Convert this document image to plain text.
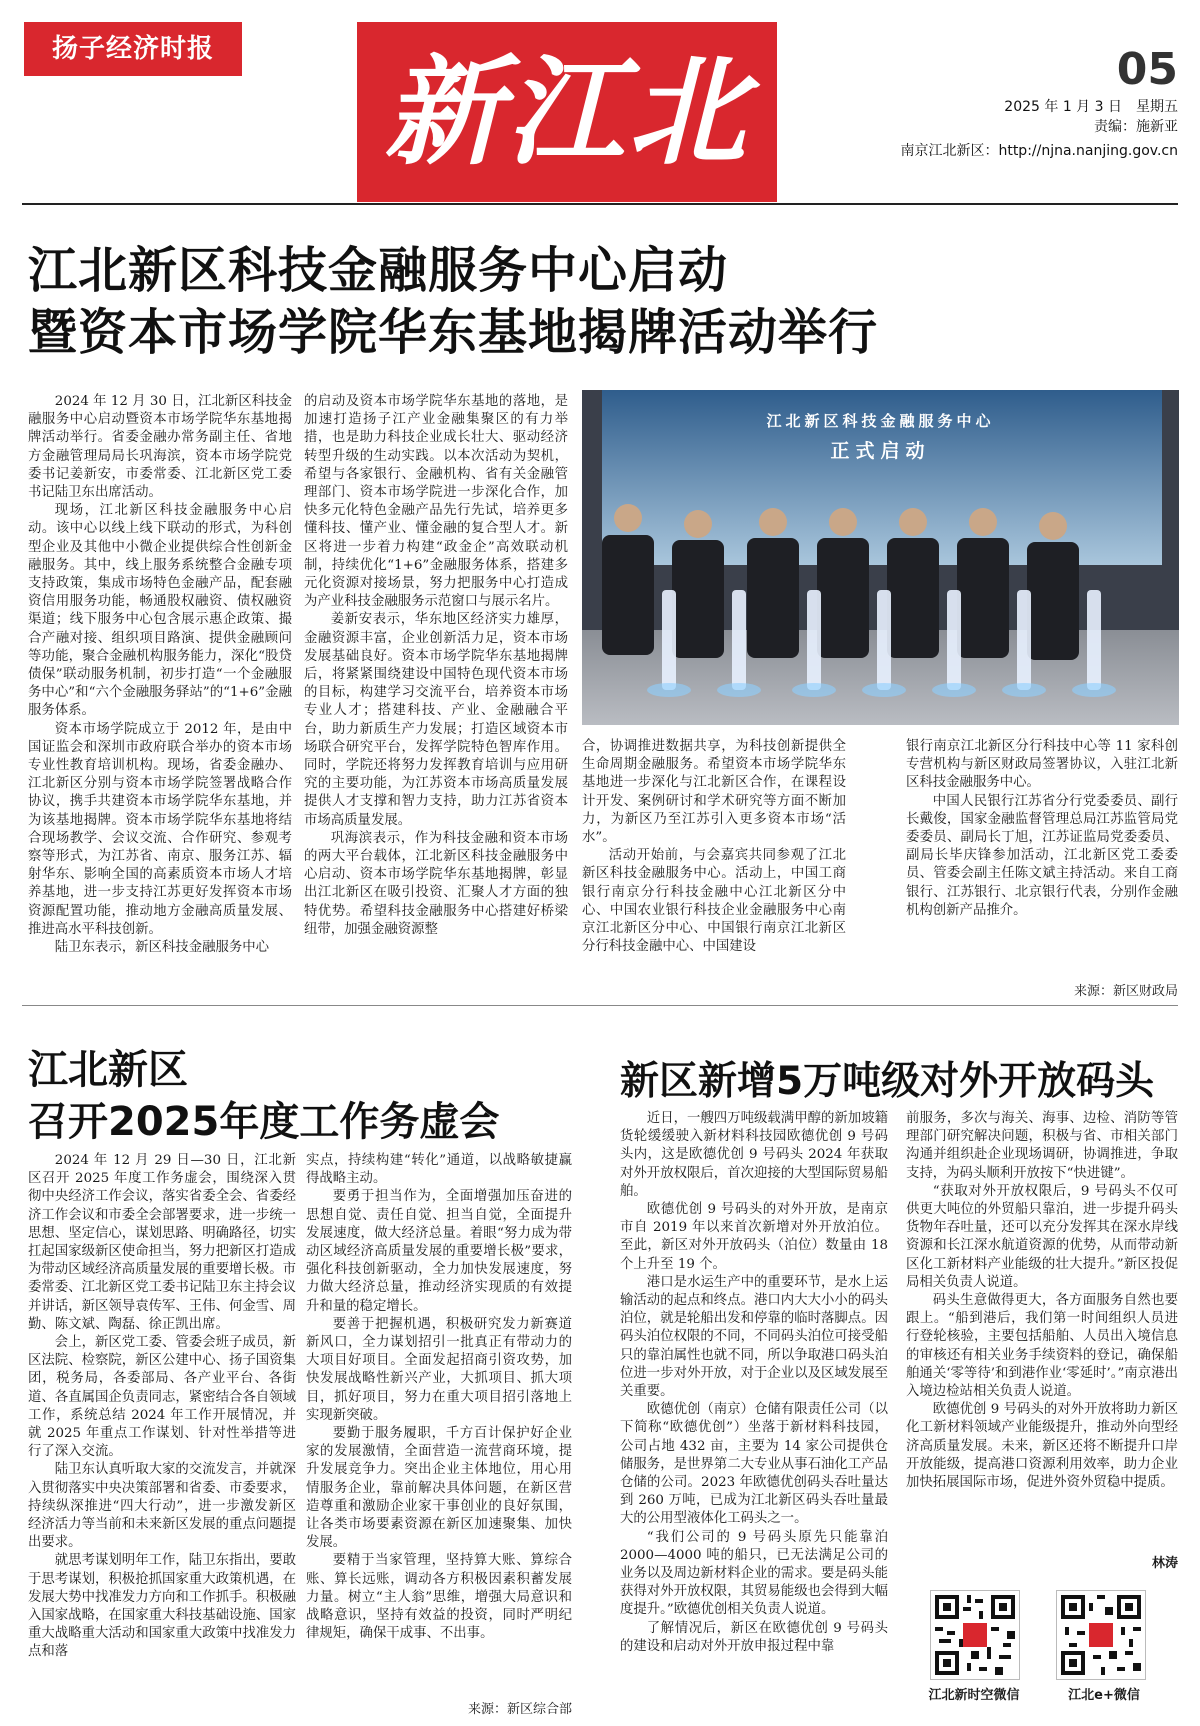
扬子经济时报 新江北	05
2025 年 1 月 3 日　星期五
责编：施新亚
南京江北新区：http://njna.nanjing.gov.cn
江北新区科技金融服务中心启动
暨资本市场学院华东基地揭牌活动举行

2024 年 12 月 30 日，江北新区科技金融服务中心启动暨资本市场学院华东基地揭牌活动举行。省委金融办常务副主任、省地方金融管理局局长巩海滨，资本市场学院党委书记姜新安，市委常委、江北新区党工委书记陆卫东出席活动。

现场，江北新区科技金融服务中心启动。该中心以线上线下联动的形式，为科创型企业及其他中小微企业提供综合性创新金融服务。其中，线上服务系统整合金融专项支持政策，集成市场特色金融产品，配套融资信用服务功能，畅通股权融资、债权融资渠道；线下服务中心包含展示惠企政策、撮合产融对接、组织项目路演、提供金融顾问等功能，聚合金融机构服务能力，深化“股贷债保”联动服务机制，初步打造“一个金融服务中心”和“六个金融服务驿站”的“1+6”金融服务体系。

资本市场学院成立于 2012 年，是由中国证监会和深圳市政府联合举办的资本市场专业性教育培训机构。现场，省委金融办、江北新区分别与资本市场学院签署战略合作协议，携手共建资本市场学院华东基地，并为该基地揭牌。资本市场学院华东基地将结合现场教学、会议交流、合作研究、参观考察等形式，为江苏省、南京、服务江苏、辐射华东、影响全国的高素质资本市场人才培养基地，进一步支持江苏更好发挥资本市场资源配置功能，推动地方金融高质量发展、推进高水平科技创新。

陆卫东表示，新区科技金融服务中心

的启动及资本市场学院华东基地的落地，是加速打造扬子江产业金融集聚区的有力举措，也是助力科技企业成长壮大、驱动经济转型升级的生动实践。以本次活动为契机，希望与各家银行、金融机构、省有关金融管理部门、资本市场学院进一步深化合作，加快多元化特色金融产品先行先试，培养更多懂科技、懂产业、懂金融的复合型人才。新区将进一步着力构建“政金企”高效联动机制，持续优化“1+6”金融服务体系，搭建多元化资源对接场景，努力把服务中心打造成为产业科技金融服务示范窗口与展示名片。

姜新安表示，华东地区经济实力雄厚，金融资源丰富，企业创新活力足，资本市场发展基础良好。资本市场学院华东基地揭牌后，将紧紧围绕建设中国特色现代资本市场的目标，构建学习交流平台，培养资本市场专业人才；搭建科技、产业、金融融合平台，助力新质生产力发展；打造区域资本市场联合研究平台，发挥学院特色智库作用。同时，学院还将努力发挥教育培训与应用研究的主要功能，为江苏资本市场高质量发展提供人才支撑和智力支持，助力江苏省资本市场高质量发展。

巩海滨表示，作为科技金融和资本市场的两大平台载体，江北新区科技金融服务中心启动、资本市场学院华东基地揭牌，彰显出江北新区在吸引投资、汇聚人才方面的独特优势。希望科技金融服务中心搭建好桥梁纽带，加强金融资源整

江北新区科技金融服务中心
正式启动

合，协调推进数据共享，为科技创新提供全生命周期金融服务。希望资本市场学院华东基地进一步深化与江北新区合作，在课程设计开发、案例研讨和学术研究等方面不断加力，为新区乃至江苏引入更多资本市场“活水”。

活动开始前，与会嘉宾共同参观了江北新区科技金融服务中心。活动上，中国工商银行南京分行科技金融中心江北新区分中心、中国农业银行科技企业金融服务中心南京江北新区分中心、中国银行南京江北新区分行科技金融中心、中国建设

银行南京江北新区分行科技中心等 11 家科创专营机构与新区财政局签署协议，入驻江北新区科技金融服务中心。

中国人民银行江苏省分行党委委员、副行长戴俊，国家金融监督管理总局江苏监管局党委委员、副局长丁旭，江苏证监局党委委员、副局长毕庆锋参加活动，江北新区党工委委员、管委会副主任陈文斌主持活动。来自工商银行、江苏银行、北京银行代表，分别作金融机构创新产品推介。

来源：新区财政局
江北新区
召开2025年度工作务虚会

2024 年 12 月 29 日—30 日，江北新区召开 2025 年度工作务虚会，围绕深入贯彻中央经济工作会议，落实省委全会、省委经济工作会议和市委全会部署要求，进一步统一思想、坚定信心，谋划思路、明确路径，切实扛起国家级新区使命担当，努力把新区打造成为带动区域经济高质量发展的重要增长极。市委常委、江北新区党工委书记陆卫东主持会议并讲话，新区领导袁传军、王伟、何金雪、周勤、陈文斌、陶磊、徐正凯出席。

会上，新区党工委、管委会班子成员，新区法院、检察院，新区公建中心、扬子国资集团，税务局，各委部局、各产业平台、各街道、各直属国企负责同志，紧密结合各自领域工作，系统总结 2024 年工作开展情况，并就 2025 年重点工作谋划、针对性举措等进行了深入交流。

陆卫东认真听取大家的交流发言，并就深入贯彻落实中央决策部署和省委、市委要求，持续纵深推进“四大行动”，进一步激发新区经济活力等当前和未来新区发展的重点问题提出要求。

就思考谋划明年工作，陆卫东指出，要敢于思考谋划，积极抢抓国家重大政策机遇，在发展大势中找准发力方向和工作抓手。积极融入国家战略，在国家重大科技基础设施、国家重大战略重大活动和国家重大政策中找准发力点和落

实点，持续构建“转化”通道，以战略敏捷赢得战略主动。

要勇于担当作为，全面增强加压奋进的思想自觉、责任自觉、担当自觉，全面提升发展速度，做大经济总量。着眼“努力成为带动区域经济高质量发展的重要增长极”要求，强化科技创新驱动，全力加快发展速度，努力做大经济总量，推动经济实现质的有效提升和量的稳定增长。

要善于把握机遇，积极研究发力新赛道新风口，全力谋划招引一批真正有带动力的大项目好项目。全面发起招商引资攻势，加快发展战略性新兴产业，大抓项目、抓大项目，抓好项目，努力在重大项目招引落地上实现新突破。

要勤于服务履职，千方百计保护好企业家的发展激情，全面营造一流营商环境，提升发展竞争力。突出企业主体地位，用心用情服务企业，靠前解决具体问题，在新区营造尊重和激励企业家干事创业的良好氛围，让各类市场要素资源在新区加速聚集、加快发展。

要精于当家管理，坚持算大账、算综合账、算长远账，调动各方积极因素积蓄发展力量。树立“主人翁”思维，增强大局意识和战略意识，坚持有效益的投资，同时严明纪律规矩，确保干成事、不出事。

来源：新区综合部
新区新增5万吨级对外开放码头

近日，一艘四万吨级载满甲醇的新加坡籍货轮缓缓驶入新材料科技园欧德优创 9 号码头内，这是欧德优创 9 号码头 2024 年获取对外开放权限后，首次迎接的大型国际贸易船舶。

欧德优创 9 号码头的对外开放，是南京市自 2019 年以来首次新增对外开放泊位。至此，新区对外开放码头（泊位）数量由 18 个上升至 19 个。

港口是水运生产中的重要环节，是水上运输活动的起点和终点。港口内大大小小的码头泊位，就是轮船出发和停靠的临时落脚点。因码头泊位权限的不同，不同码头泊位可接受船只的靠泊属性也就不同，所以争取港口码头泊位进一步对外开放，对于企业以及区域发展至关重要。

欧德优创（南京）仓储有限责任公司（以下简称“欧德优创”）坐落于新材料科技园，公司占地 432 亩，主要为 14 家公司提供仓储服务，是世界第二大专业从事石油化工产品仓储的公司。2023 年欧德优创码头吞吐量达到 260 万吨，已成为江北新区码头吞吐量最大的公用型液体化工码头之一。

“我们公司的 9 号码头原先只能靠泊 2000—4000 吨的船只，已无法满足公司的业务以及周边新材料企业的需求。要是码头能获得对外开放权限，其贸易能级也会得到大幅度提升。”欧德优创相关负责人说道。

了解情况后，新区在欧德优创 9 号码头的建设和启动对外开放申报过程中靠

前服务，多次与海关、海事、边检、消防等管理部门研究解决问题，积极与省、市相关部门沟通并组织赴企业现场调研，协调推进，争取支持，为码头顺利开放按下“快进键”。

“获取对外开放权限后，9 号码头不仅可供更大吨位的外贸船只靠泊，进一步提升码头货物年吞吐量，还可以充分发挥其在深水岸线资源和长江深水航道资源的优势，从而带动新区化工新材料产业能级的壮大提升。”新区投促局相关负责人说道。

码头生意做得更大，各方面服务自然也要跟上。“船到港后，我们第一时间组织人员进行登轮核验，主要包括船舶、人员出入境信息的审核还有相关业务手续资料的登记，确保船舶通关‘零等待’和到港作业‘零延时’。”南京港出入境边检站相关负责人说道。

欧德优创 9 号码头的对外开放将助力新区化工新材料领域产业能级提升，推动外向型经济高质量发展。未来，新区还将不断提升口岸开放能级，提高港口资源利用效率，助力企业加快拓展国际市场，促进外资外贸稳中提质。

林涛
江北新时空微信	江北e+微信
